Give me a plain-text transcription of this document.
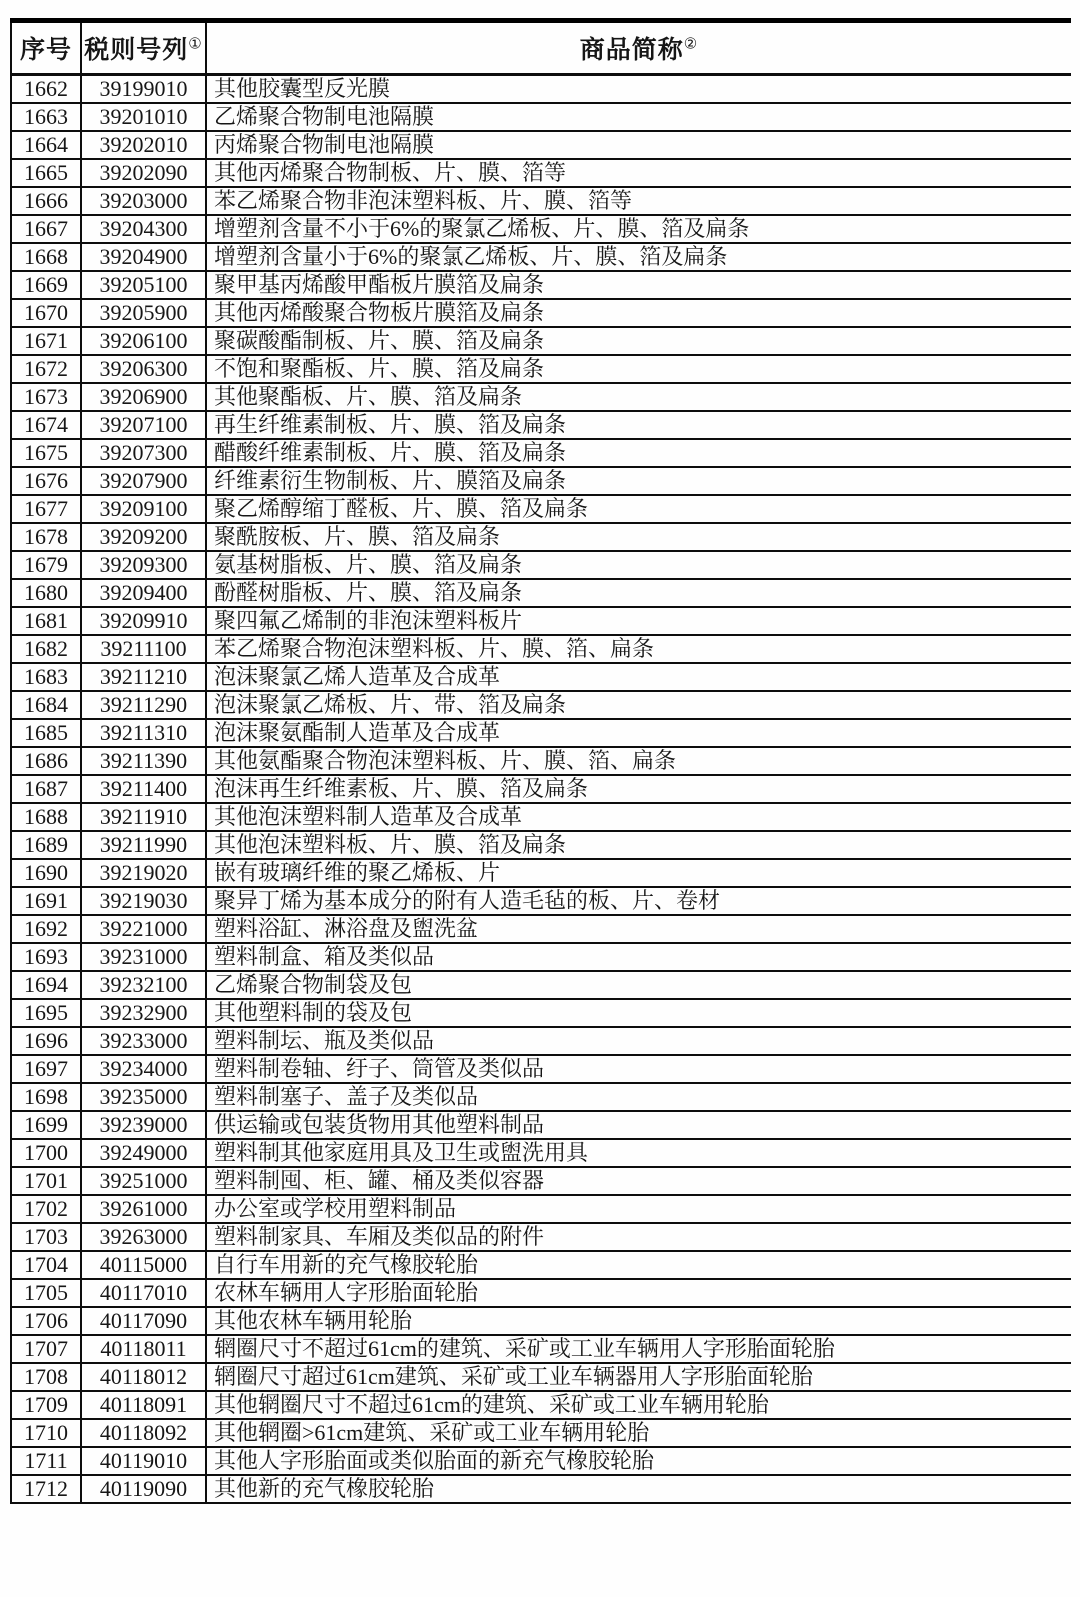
序号	税则号列①	商品简称②
1662	39199010	其他胶囊型反光膜
1663	39201010	乙烯聚合物制电池隔膜
1664	39202010	丙烯聚合物制电池隔膜
1665	39202090	其他丙烯聚合物制板、片、膜、箔等
1666	39203000	苯乙烯聚合物非泡沫塑料板、片、膜、箔等
1667	39204300	增塑剂含量不小于6%的聚氯乙烯板、片、膜、箔及扁条
1668	39204900	增塑剂含量小于6%的聚氯乙烯板、片、膜、箔及扁条
1669	39205100	聚甲基丙烯酸甲酯板片膜箔及扁条
1670	39205900	其他丙烯酸聚合物板片膜箔及扁条
1671	39206100	聚碳酸酯制板、片、膜、箔及扁条
1672	39206300	不饱和聚酯板、片、膜、箔及扁条
1673	39206900	其他聚酯板、片、膜、箔及扁条
1674	39207100	再生纤维素制板、片、膜、箔及扁条
1675	39207300	醋酸纤维素制板、片、膜、箔及扁条
1676	39207900	纤维素衍生物制板、片、膜箔及扁条
1677	39209100	聚乙烯醇缩丁醛板、片、膜、箔及扁条
1678	39209200	聚酰胺板、片、膜、箔及扁条
1679	39209300	氨基树脂板、片、膜、箔及扁条
1680	39209400	酚醛树脂板、片、膜、箔及扁条
1681	39209910	聚四氟乙烯制的非泡沫塑料板片
1682	39211100	苯乙烯聚合物泡沫塑料板、片、膜、箔、扁条
1683	39211210	泡沫聚氯乙烯人造革及合成革
1684	39211290	泡沫聚氯乙烯板、片、带、箔及扁条
1685	39211310	泡沫聚氨酯制人造革及合成革
1686	39211390	其他氨酯聚合物泡沫塑料板、片、膜、箔、扁条
1687	39211400	泡沫再生纤维素板、片、膜、箔及扁条
1688	39211910	其他泡沫塑料制人造革及合成革
1689	39211990	其他泡沫塑料板、片、膜、箔及扁条
1690	39219020	嵌有玻璃纤维的聚乙烯板、片
1691	39219030	聚异丁烯为基本成分的附有人造毛毡的板、片、卷材
1692	39221000	塑料浴缸、淋浴盘及盥洗盆
1693	39231000	塑料制盒、箱及类似品
1694	39232100	乙烯聚合物制袋及包
1695	39232900	其他塑料制的袋及包
1696	39233000	塑料制坛、瓶及类似品
1697	39234000	塑料制卷轴、纡子、筒管及类似品
1698	39235000	塑料制塞子、盖子及类似品
1699	39239000	供运输或包装货物用其他塑料制品
1700	39249000	塑料制其他家庭用具及卫生或盥洗用具
1701	39251000	塑料制囤、柜、罐、桶及类似容器
1702	39261000	办公室或学校用塑料制品
1703	39263000	塑料制家具、车厢及类似品的附件
1704	40115000	自行车用新的充气橡胶轮胎
1705	40117010	农林车辆用人字形胎面轮胎
1706	40117090	其他农林车辆用轮胎
1707	40118011	辋圈尺寸不超过61cm的建筑、采矿或工业车辆用人字形胎面轮胎
1708	40118012	辋圈尺寸超过61cm建筑、采矿或工业车辆器用人字形胎面轮胎
1709	40118091	其他辋圈尺寸不超过61cm的建筑、采矿或工业车辆用轮胎
1710	40118092	其他辋圈>61cm建筑、采矿或工业车辆用轮胎
1711	40119010	其他人字形胎面或类似胎面的新充气橡胶轮胎
1712	40119090	其他新的充气橡胶轮胎
